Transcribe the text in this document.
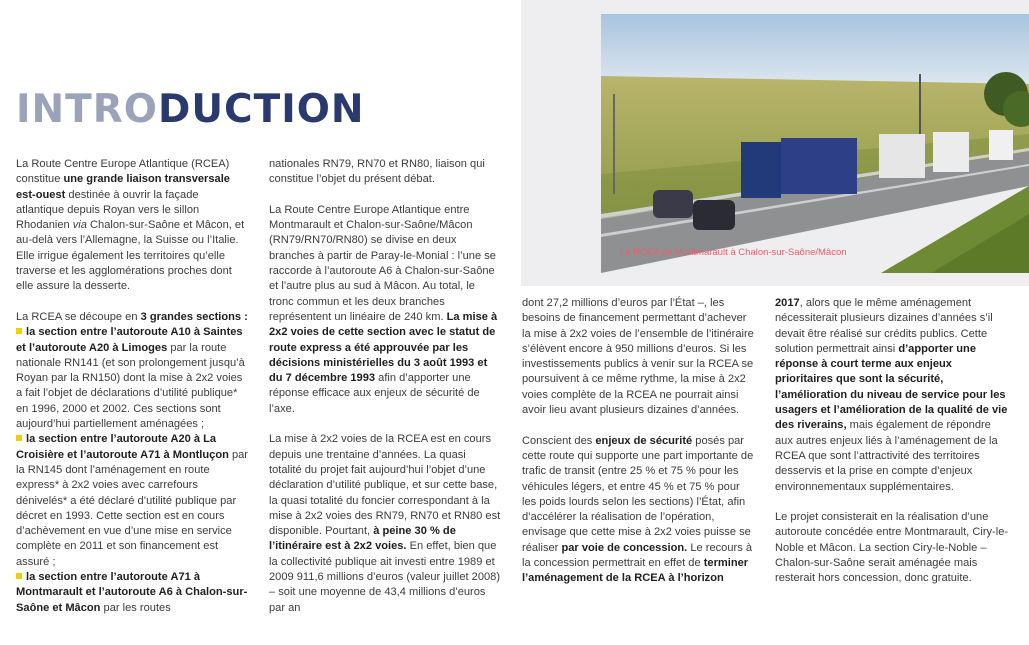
La RCEA de Montmarault à Chalon-sur-Saône/Mâcon
INTRODUCTION

La Route Centre Europe Atlantique (RCEA) constitue une grande liaison transversale est-ouest destinée à ouvrir la façade atlantique depuis Royan vers le sillon Rhodanien via Chalon-sur-Saône et Mâcon, et au-delà vers l’Allemagne, la Suisse ou l’Italie. Elle irrigue également les territoires qu’elle traverse et les agglomérations proches dont elle assure la desserte.

La RCEA se découpe en 3 grandes sections :

la section entre l’autoroute A10 à Saintes et l’autoroute A20 à Limoges par la route nationale RN141 (et son prolongement jusqu’à Royan par la RN150) dont la mise à 2x2 voies a fait l’objet de déclarations d’utilité publique* en 1996, 2000 et 2002. Ces sections sont aujourd’hui partiellement aménagées ;

la section entre l’autoroute A20 à La Croisière et l’autoroute A71 à Montluçon par la RN145 dont l’aménagement en route express* à 2x2 voies avec carrefours dénivelés* a été déclaré d’utilité publique par décret en 1993. Cette section est en cours d’achèvement en vue d’une mise en service complète en 2011 et son financement est assuré ;

la section entre l’autoroute A71 à Montmarault et l’autoroute A6 à Chalon-sur-Saône et Mâcon par les routes

nationales RN79, RN70 et RN80, liaison qui constitue l’objet du présent débat.

La Route Centre Europe Atlantique entre Montmarault et Chalon-sur-Saône/Mâcon (RN79/RN70/RN80) se divise en deux branches à partir de Paray-le-Monial : l’une se raccorde à l’autoroute A6 à Chalon-sur-Saône et l’autre plus au sud à Mâcon. Au total, le tronc commun et les deux branches représentent un linéaire de 240 km. La mise à 2x2 voies de cette section avec le statut de route express a été approuvée par les décisions ministérielles du 3 août 1993 et du 7 décembre 1993 afin d’apporter une réponse efficace aux enjeux de sécurité de l’axe.

La mise à 2x2 voies de la RCEA est en cours depuis une trentaine d’années. La quasi totalité du projet fait aujourd’hui l’objet d’une déclaration d’utilité publique, et sur cette base, la quasi totalité du foncier correspondant à la mise à 2x2 voies des RN79, RN70 et RN80 est disponible. Pourtant, à peine 30 % de l’itinéraire est à 2x2 voies. En effet, bien que la collectivité publique ait investi entre 1989 et 2009 911,6 millions d’euros (valeur juillet 2008) – soit une moyenne de 43,4 millions d’euros par an

dont 27,2 millions d’euros par l’État –, les besoins de financement permettant d’achever la mise à 2x2 voies de l’ensemble de l’itinéraire s’élèvent encore à 950 millions d’euros. Si les investissements publics à venir sur la RCEA se poursuivent à ce même rythme, la mise à 2x2 voies complète de la RCEA ne pourrait ainsi avoir lieu avant plusieurs dizaines d’années.

Conscient des enjeux de sécurité posés par cette route qui supporte une part importante de trafic de transit (entre 25 % et 75 % pour les véhicules légers, et entre 45 % et 75 % pour les poids lourds selon les sections) l’État, afin d’accélérer la réalisation de l’opération, envisage que cette mise à 2x2 voies puisse se réaliser par voie de concession. Le recours à la concession permettrait en effet de terminer l’aménagement de la RCEA à l’horizon

2017, alors que le même aménagement nécessiterait plusieurs dizaines d’années s’il devait être réalisé sur crédits publics. Cette solution permettrait ainsi d’apporter une réponse à court terme aux enjeux prioritaires que sont la sécurité, l’amélioration du niveau de service pour les usagers et l’amélioration de la qualité de vie des riverains, mais également de répondre aux autres enjeux liés à l’aménagement de la RCEA que sont l’attractivité des territoires desservis et la prise en compte d’enjeux environnementaux supplémentaires.

Le projet consisterait en la réalisation d’une autoroute concédée entre Montmarault, Ciry-le-Noble et Mâcon. La section Ciry-le-Noble – Chalon-sur-Saône serait aménagée mais resterait hors concession, donc gratuite.
